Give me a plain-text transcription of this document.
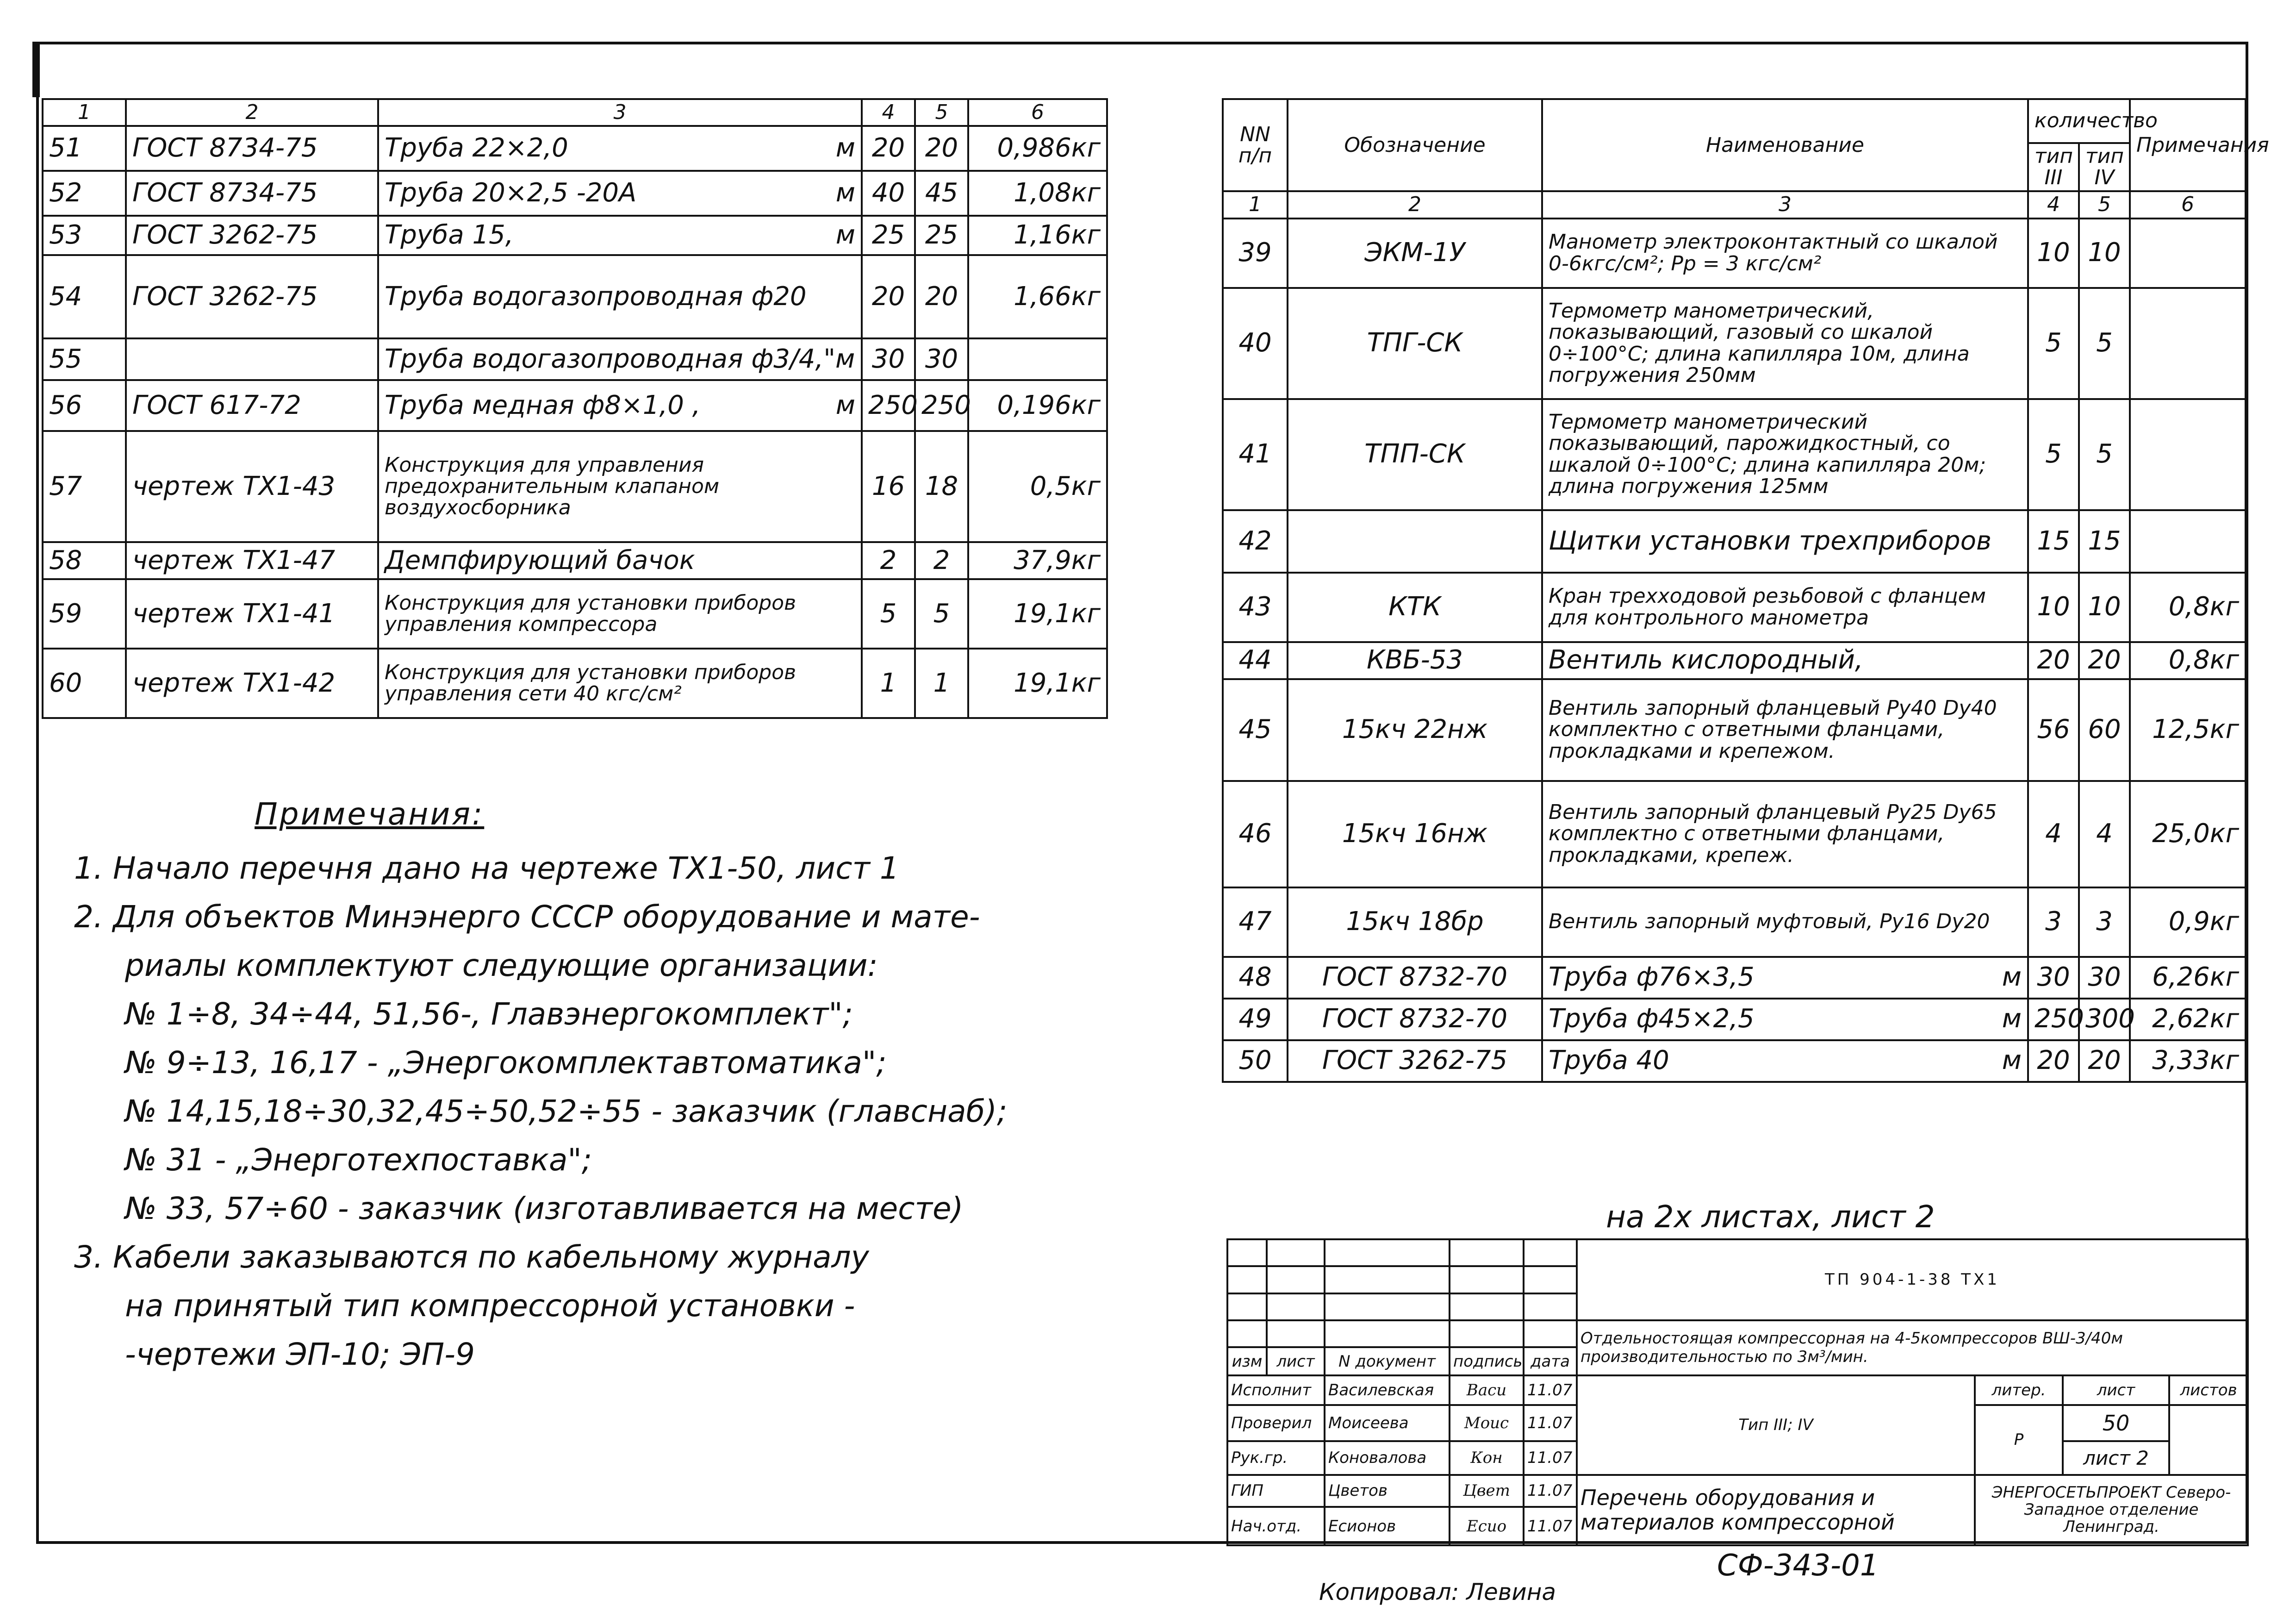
1	2	3	4	5	6
51	ГОСТ 8734-75	Труба 22×2,0 м	20	20	0,986кг
52	ГОСТ 8734-75	Труба 20×2,5 -20А м	40	45	1,08кг
53	ГОСТ 3262-75	Труба 15, м	25	25	1,16кг
54	ГОСТ 3262-75	Труба водогазопроводная ф20	20	20	1,66кг
55		Труба водогазопроводная ф3/4,"м	30	30	
56	ГОСТ 617-72	Труба медная ф8×1,0 , м	250	250	0,196кг
57	чертеж ТХ1-43	Конструкция для управления предохранительным клапаном воздухосборника	16	18	0,5кг
58	чертеж ТХ1-47	Демпфирующий бачок	2	2	37,9кг
59	чертеж ТХ1-41	Конструкция для установки приборов управления компрессора	5	5	19,1кг
60	чертеж ТХ1-42	Конструкция для установки приборов управления сети 40 кгс/см²	1	1	19,1кг
NN п/п	Обозначение	Наименование	количество		Примечания
			тип III	тип IV	
1	2	3	4	5	6
39	ЭКМ-1У	Манометр электроконтактный со шкалой 0-6кгс/см²; Рр = 3 кгс/см²	10	10	
40	ТПГ-СК	Термометр манометрический, показывающий, газовый со шкалой 0÷100°С; длина капилляра 10м, длина погружения 250мм	5	5	
41	ТПП-СК	Термометр манометрический показывающий, парожидкостный, со шкалой 0÷100°С; длина капилляра 20м; длина погружения 125мм	5	5	
42		Щитки установки трехприборов	15	15	
43	КТК	Кран трехходовой резьбовой с фланцем для контрольного манометра	10	10	0,8кг
44	КВБ-53	Вентиль кислородный,	20	20	0,8кг
45	15кч 22нж	Вентиль запорный фланцевый Ру40 Dу40 комплектно с ответными фланцами, прокладками и крепежом.	56	60	12,5кг
46	15кч 16нж	Вентиль запорный фланцевый Ру25 Dу65 комплектно с ответными фланцами, прокладками, крепеж.	4	4	25,0кг
47	15кч 18бр	Вентиль запорный муфтовый, Ру16 Dу20	3	3	0,9кг
48	ГОСТ 8732-70	Труба ф76×3,5 м	30	30	6,26кг
49	ГОСТ 8732-70	Труба ф45×2,5 м	250	300	2,62кг
50	ГОСТ 3262-75	Труба 40 м	20	20	3,33кг
Примечания:
1. Начало перечня дано на чертеже ТХ1-50, лист 1
2. Для объектов Минэнерго СССР оборудование и мате-
риалы комплектуют следующие организации:
№ 1÷8, 34÷44, 51,56-, Главэнергокомплект";
№ 9÷13, 16,17 - „Энергокомплектавтоматика";
№ 14,15,18÷30,32,45÷50,52÷55 - заказчик (главснаб);
№ 31 - „Энерготехпоставка";
№ 33, 57÷60 - заказчик (изготавливается на месте)
3. Кабели заказываются по кабельному журналу
на принятый тип компрессорной установки -
-чертежи ЭП-10; ЭП-9
на 2х листах, лист 2
					ТП 904-1-38 ТХ1			

					Отдельностоящая компрессорная на 4-5компрессоров ВШ-3/40м производительностью по 3м³/мин.			
изм	лист	N документ	подпись	дата				
Исполнит		Василевская	Васи	11.07	Тип III; IV	литер.	лист	листов
Проверил		Моисеева	Моис	11.07		Р	50	
Рук.гр.		Коновалова	Кон	11.07			лист 2	
ГИП		Цветов	Цвет	11.07	Перечень оборудования и материалов компрессорной	ЭНЕРГОСЕТЬПРОЕКТ Северо-Западное отделение Ленинград.		
Нач.отд.		Есионов	Есио	11.07				
СФ-343-01
Копировал: Левина
